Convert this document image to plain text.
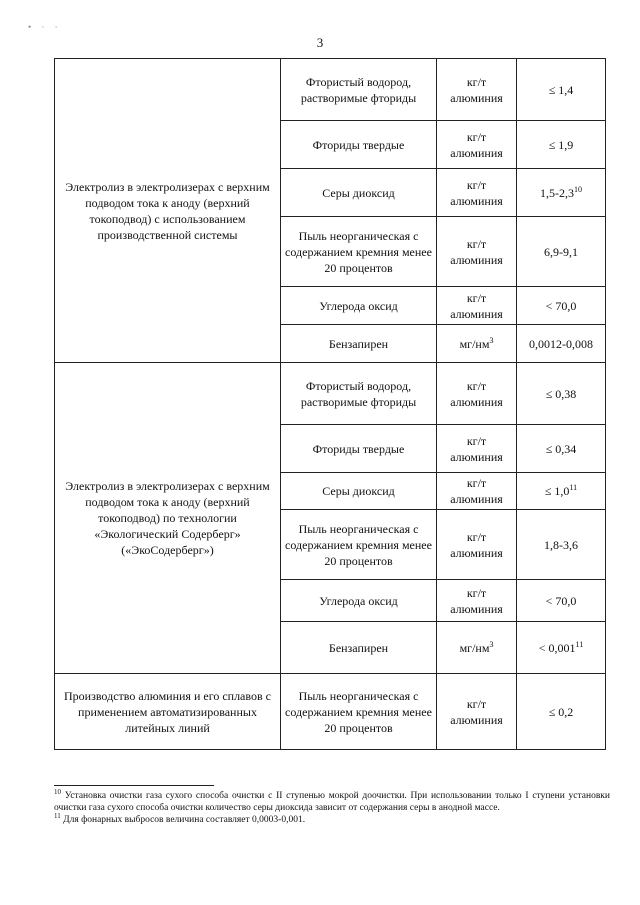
• · ·
3
Электролиз в электролизерах с верхним подводом тока к аноду (верхний токоподвод) с использованием производственной системы	Фтористый водород, растворимые фториды	кг/т алюминия	≤ 1,4
	Фториды твердые	кг/т алюминия	≤ 1,9
	Серы диоксид	кг/т алюминия	$1,5-2,3^{10}$
	Пыль неорганическая с содержанием кремния менее 20 процентов	кг/т алюминия	6,9-9,1
	Углерода оксид	кг/т алюминия	< 70,0
	Бензапирен	$мг/нм^3$	0,0012-0,008
Электролиз в электролизерах с верхним подводом тока к аноду (верхний токоподвод) по технологии «Экологический Содерберг» («ЭкоСодерберг»)	Фтористый водород, растворимые фториды	кг/т алюминия	≤ 0,38
	Фториды твердые	кг/т алюминия	≤ 0,34
	Серы диоксид	кг/т алюминия	≤ $1,0^{11}$
	Пыль неорганическая с содержанием кремния менее 20 процентов	кг/т алюминия	1,8-3,6
	Углерода оксид	кг/т алюминия	< 70,0
	Бензапирен	$мг/нм^3$	< $0,001^{11}$
Производство алюминия и его сплавов с применением автоматизированных литейных линий	Пыль неорганическая с содержанием кремния менее 20 процентов	кг/т алюминия	≤ 0,2

$^{10}$ Установка очистки газа сухого способа очистки с II ступенью мокрой доочистки. При использовании только I ступени установки очистки газа сухого способа очистки количество серы диоксида зависит от содержания серы в анодной массе.

$^{11}$ Для фонарных выбросов величина составляет 0,0003-0,001.
